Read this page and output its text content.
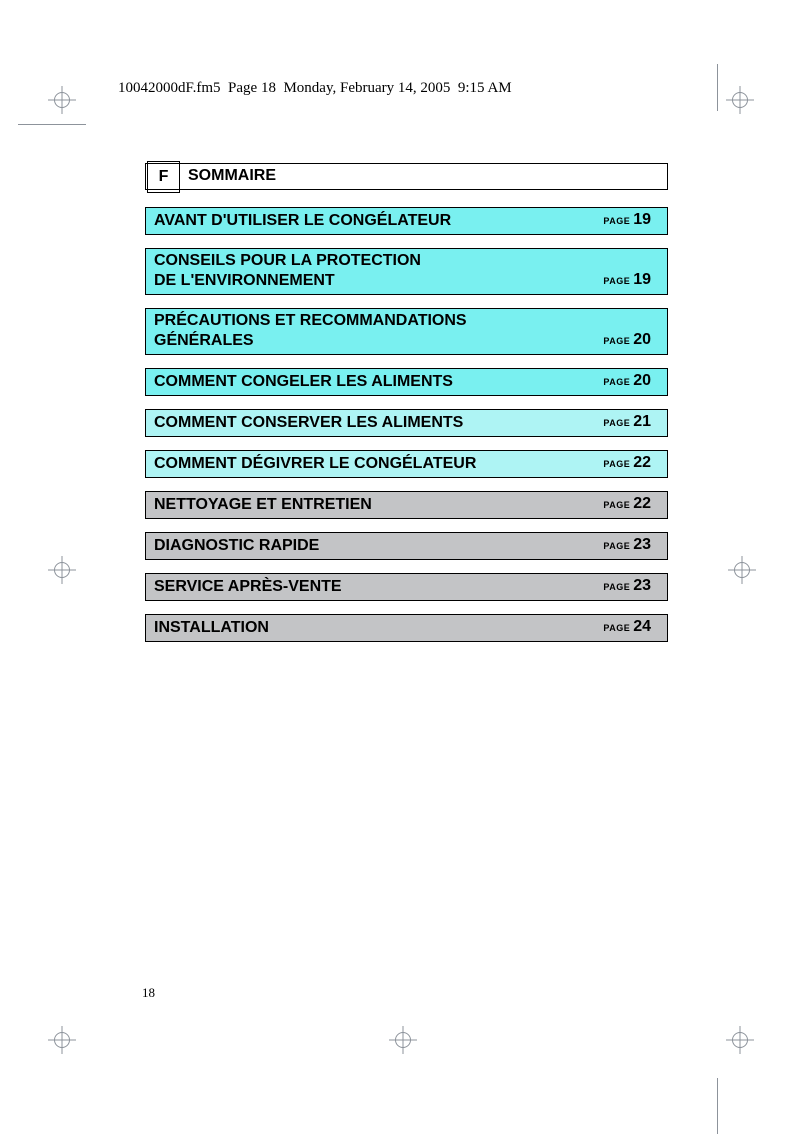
10042000dF.fm5  Page 18  Monday, February 14, 2005  9:15 AM
F SOMMAIRE
AVANT D'UTILISER LE CONGÉLATEUR	PAGE 19
CONSEILS POUR LA PROTECTION
DE L'ENVIRONNEMENT	PAGE 19
PRÉCAUTIONS ET RECOMMANDATIONS
GÉNÉRALES	PAGE 20
COMMENT CONGELER LES ALIMENTS	PAGE 20
COMMENT CONSERVER LES ALIMENTS	PAGE 21
COMMENT DÉGIVRER LE CONGÉLATEUR	PAGE 22
NETTOYAGE ET ENTRETIEN	PAGE 22
DIAGNOSTIC RAPIDE	PAGE 23
SERVICE APRÈS-VENTE	PAGE 23
INSTALLATION	PAGE 24
18
